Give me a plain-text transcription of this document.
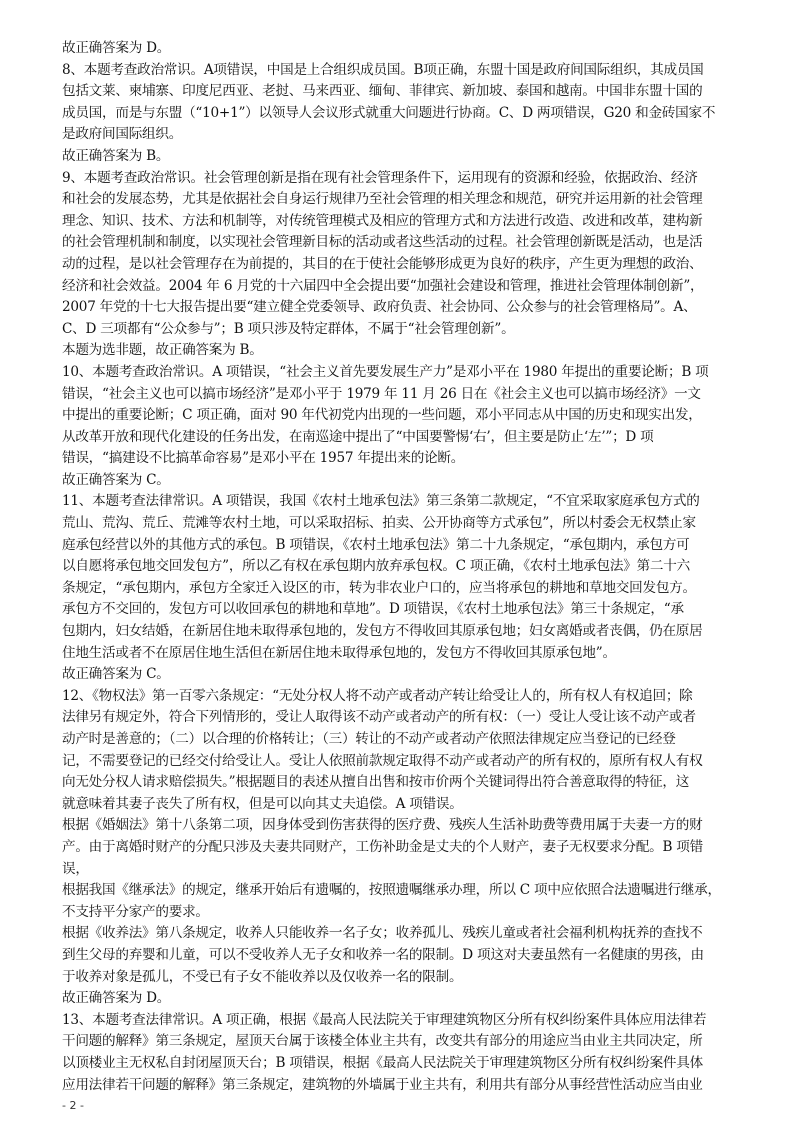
故正确答案为 D。
8、本题考查政治常识。A项错误，中国是上合组织成员国。B项正确，东盟十国是政府间国际组织，其成员国
包括文莱、柬埔寨、印度尼西亚、老挝、马来西亚、缅甸、菲律宾、新加坡、泰国和越南。中国非东盟十国的
成员国，而是与东盟（“10+1”）以领导人会议形式就重大问题进行协商。C、D 两项错误，G20 和金砖国家不
是政府间国际组织。
故正确答案为 B。
9、本题考查政治常识。社会管理创新是指在现有社会管理条件下，运用现有的资源和经验，依据政治、经济
和社会的发展态势，尤其是依据社会自身运行规律乃至社会管理的相关理念和规范，研究并运用新的社会管理
理念、知识、技术、方法和机制等，对传统管理模式及相应的管理方式和方法进行改造、改进和改革，建构新
的社会管理机制和制度，以实现社会管理新目标的活动或者这些活动的过程。社会管理创新既是活动，也是活
动的过程，是以社会管理存在为前提的，其目的在于使社会能够形成更为良好的秩序，产生更为理想的政治、
经济和社会效益。2004 年 6 月党的十六届四中全会提出要“加强社会建设和管理，推进社会管理体制创新”，
2007 年党的十七大报告提出要“建立健全党委领导、政府负责、社会协同、公众参与的社会管理格局”。A、
C、D 三项都有“公众参与”；B 项只涉及特定群体，不属于“社会管理创新”。
本题为选非题，故正确答案为 B。
10、本题考查政治常识。A 项错误，“社会主义首先要发展生产力”是邓小平在 1980 年提出的重要论断；B 项
错误，“社会主义也可以搞市场经济”是邓小平于 1979 年 11 月 26 日在《社会主义也可以搞市场经济》一文
中提出的重要论断；C 项正确，面对 90 年代初党内出现的一些问题，邓小平同志从中国的历史和现实出发，
从改革开放和现代化建设的任务出发，在南巡途中提出了“中国要警惕‘右’，但主要是防止‘左’”；D 项
错误，“搞建设不比搞革命容易”是邓小平在 1957 年提出来的论断。
故正确答案为 C。
11、本题考查法律常识。A 项错误，我国《农村土地承包法》第三条第二款规定，“不宜采取家庭承包方式的
荒山、荒沟、荒丘、荒滩等农村土地，可以采取招标、拍卖、公开协商等方式承包”，所以村委会无权禁止家
庭承包经营以外的其他方式的承包。B 项错误，《农村土地承包法》第二十九条规定，“承包期内，承包方可
以自愿将承包地交回发包方”，所以乙有权在承包期内放弃承包权。C 项正确，《农村土地承包法》第二十六
条规定，“承包期内，承包方全家迁入设区的市，转为非农业户口的，应当将承包的耕地和草地交回发包方。
承包方不交回的，发包方可以收回承包的耕地和草地”。D 项错误，《农村土地承包法》第三十条规定，“承
包期内，妇女结婚，在新居住地未取得承包地的，发包方不得收回其原承包地；妇女离婚或者丧偶，仍在原居
住地生活或者不在原居住地生活但在新居住地未取得承包地的，发包方不得收回其原承包地”。
故正确答案为 C。
12、《物权法》第一百零六条规定：“无处分权人将不动产或者动产转让给受让人的，所有权人有权追回；除
法律另有规定外，符合下列情形的，受让人取得该不动产或者动产的所有权：（一）受让人受让该不动产或者
动产时是善意的；（二）以合理的价格转让；（三）转让的不动产或者动产依照法律规定应当登记的已经登
记，不需要登记的已经交付给受让人。受让人依照前款规定取得不动产或者动产的所有权的，原所有权人有权
向无处分权人请求赔偿损失。”根据题目的表述从擅自出售和按市价两个关键词得出符合善意取得的特征，这
就意味着其妻子丧失了所有权，但是可以向其丈夫追偿。A 项错误。
根据《婚姻法》第十八条第二项，因身体受到伤害获得的医疗费、残疾人生活补助费等费用属于夫妻一方的财
产。由于离婚时财产的分配只涉及夫妻共同财产，工伤补助金是丈夫的个人财产，妻子无权要求分配。B 项错
误，
根据我国《继承法》的规定，继承开始后有遗嘱的，按照遗嘱继承办理，所以 C 项中应依照合法遗嘱进行继承，
不支持平分家产的要求。
根据《收养法》第八条规定，收养人只能收养一名子女；收养孤儿、残疾儿童或者社会福利机构抚养的查找不
到生父母的弃婴和儿童，可以不受收养人无子女和收养一名的限制。D 项这对夫妻虽然有一名健康的男孩，由
于收养对象是孤儿，不受已有子女不能收养以及仅收养一名的限制。
故正确答案为 D。
13、本题考查法律常识。A 项正确，根据《最高人民法院关于审理建筑物区分所有权纠纷案件具体应用法律若
干问题的解释》第三条规定，屋顶天台属于该楼全体业主共有，改变共有部分的用途应当由业主共同决定，所
以顶楼业主无权私自封闭屋顶天台；B 项错误，根据《最高人民法院关于审理建筑物区分所有权纠纷案件具体
应用法律若干问题的解释》第三条规定，建筑物的外墙属于业主共有，利用共有部分从事经营性活动应当由业
- 2 -
